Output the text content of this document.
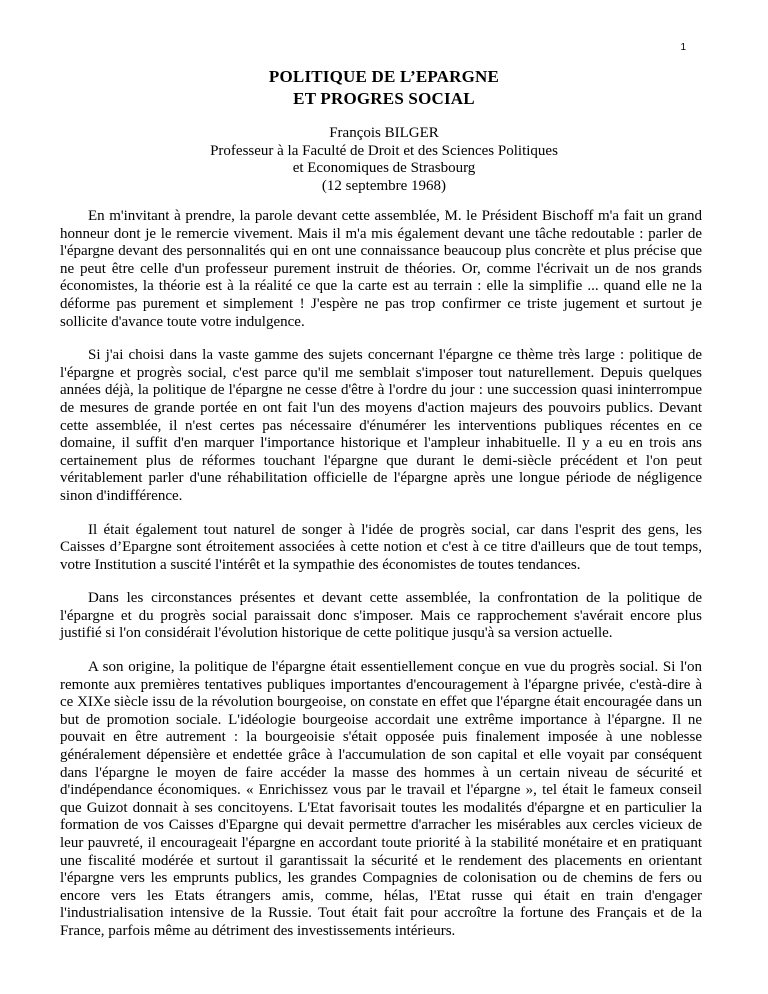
1
POLITIQUE DE L’EPARGNE
ET PROGRES SOCIAL
François BILGER
Professeur à la Faculté de Droit et des Sciences Politiques
et Economiques de Strasbourg
(12 septembre 1968)

En m'invitant à prendre, la parole devant cette assemblée, M. le Président Bischoff m'a fait un grand honneur dont je le remercie vivement. Mais il m'a mis également devant une tâche redoutable : parler de l'épargne devant des personnalités qui en ont une connaissance beaucoup plus concrète et plus précise que ne peut être celle d'un professeur purement instruit de théories. Or, comme l'écrivait un de nos grands économistes, la théorie est à la réalité ce que la carte est au terrain : elle la simplifie ... quand elle ne la déforme pas purement et simplement ! J'espère ne pas trop confirmer ce triste jugement et surtout je sollicite d'avance toute votre indulgence.

Si j'ai choisi dans la vaste gamme des sujets concernant l'épargne ce thème très large : politique de l'épargne et progrès social, c'est parce qu'il me semblait s'imposer tout naturellement. Depuis quelques années déjà, la politique de l'épargne ne cesse d'être à l'ordre du jour : une succession quasi ininterrompue de mesures de grande portée en ont fait l'un des moyens d'action majeurs des pouvoirs publics. Devant cette assemblée, il n'est certes pas nécessaire d'énumérer les interventions publiques récentes en ce domaine, il suffit d'en marquer l'importance historique et l'ampleur inhabituelle. Il y a eu en trois ans certainement plus de réformes touchant l'épargne que durant le demi-siècle précédent et l'on peut véritablement parler d'une réhabilitation officielle de l'épargne après une longue période de négligence sinon d'indifférence.

Il était également tout naturel de songer à l'idée de progrès social, car dans l'esprit des gens, les Caisses d’Epargne sont étroitement associées à cette notion et c'est à ce titre d'ailleurs que de tout temps, votre Institution a suscité l'intérêt et la sympathie des économistes de toutes tendances.

Dans les circonstances présentes et devant cette assemblée, la confrontation de la politique de l'épargne et du progrès social paraissait donc s'imposer. Mais ce rapprochement s'avérait encore plus justifié si l'on considérait l'évolution historique de cette politique jusqu'à sa version actuelle.

A son origine, la politique de l'épargne était essentiellement conçue en vue du progrès social. Si l'on remonte aux premières tentatives publiques importantes d'encouragement à l'épargne privée, c'està-dire à ce XIXe siècle issu de la révolution bourgeoise, on constate en effet que l'épargne était encouragée dans un but de promotion sociale. L'idéologie bourgeoise accordait une extrême importance à l'épargne. Il ne pouvait en être autrement : la bourgeoisie s'était opposée puis finalement imposée à une noblesse généralement dépensière et endettée grâce à l'accumulation de son capital et elle voyait par conséquent dans l'épargne le moyen de faire accéder la masse des hommes à un certain niveau de sécurité et d'indépendance économiques. « Enrichissez vous par le travail et l'épargne », tel était le fameux conseil que Guizot donnait à ses concitoyens. L'Etat favorisait toutes les modalités d'épargne et en particulier la formation de vos Caisses d'Epargne qui devait permettre d'arracher les misérables aux cercles vicieux de leur pauvreté, il encourageait l'épargne en accordant toute priorité à la stabilité monétaire et en pratiquant une fiscalité modérée et surtout il garantissait la sécurité et le rendement des placements en orientant l'épargne vers les emprunts publics, les grandes Compagnies de colonisation ou de chemins de fers ou encore vers les Etats étrangers amis, comme, hélas, l'Etat russe qui était en train d'engager l'industrialisation intensive de la Russie. Tout était fait pour accroître la fortune des Français et de la France, parfois même au détriment des investissements intérieurs.
